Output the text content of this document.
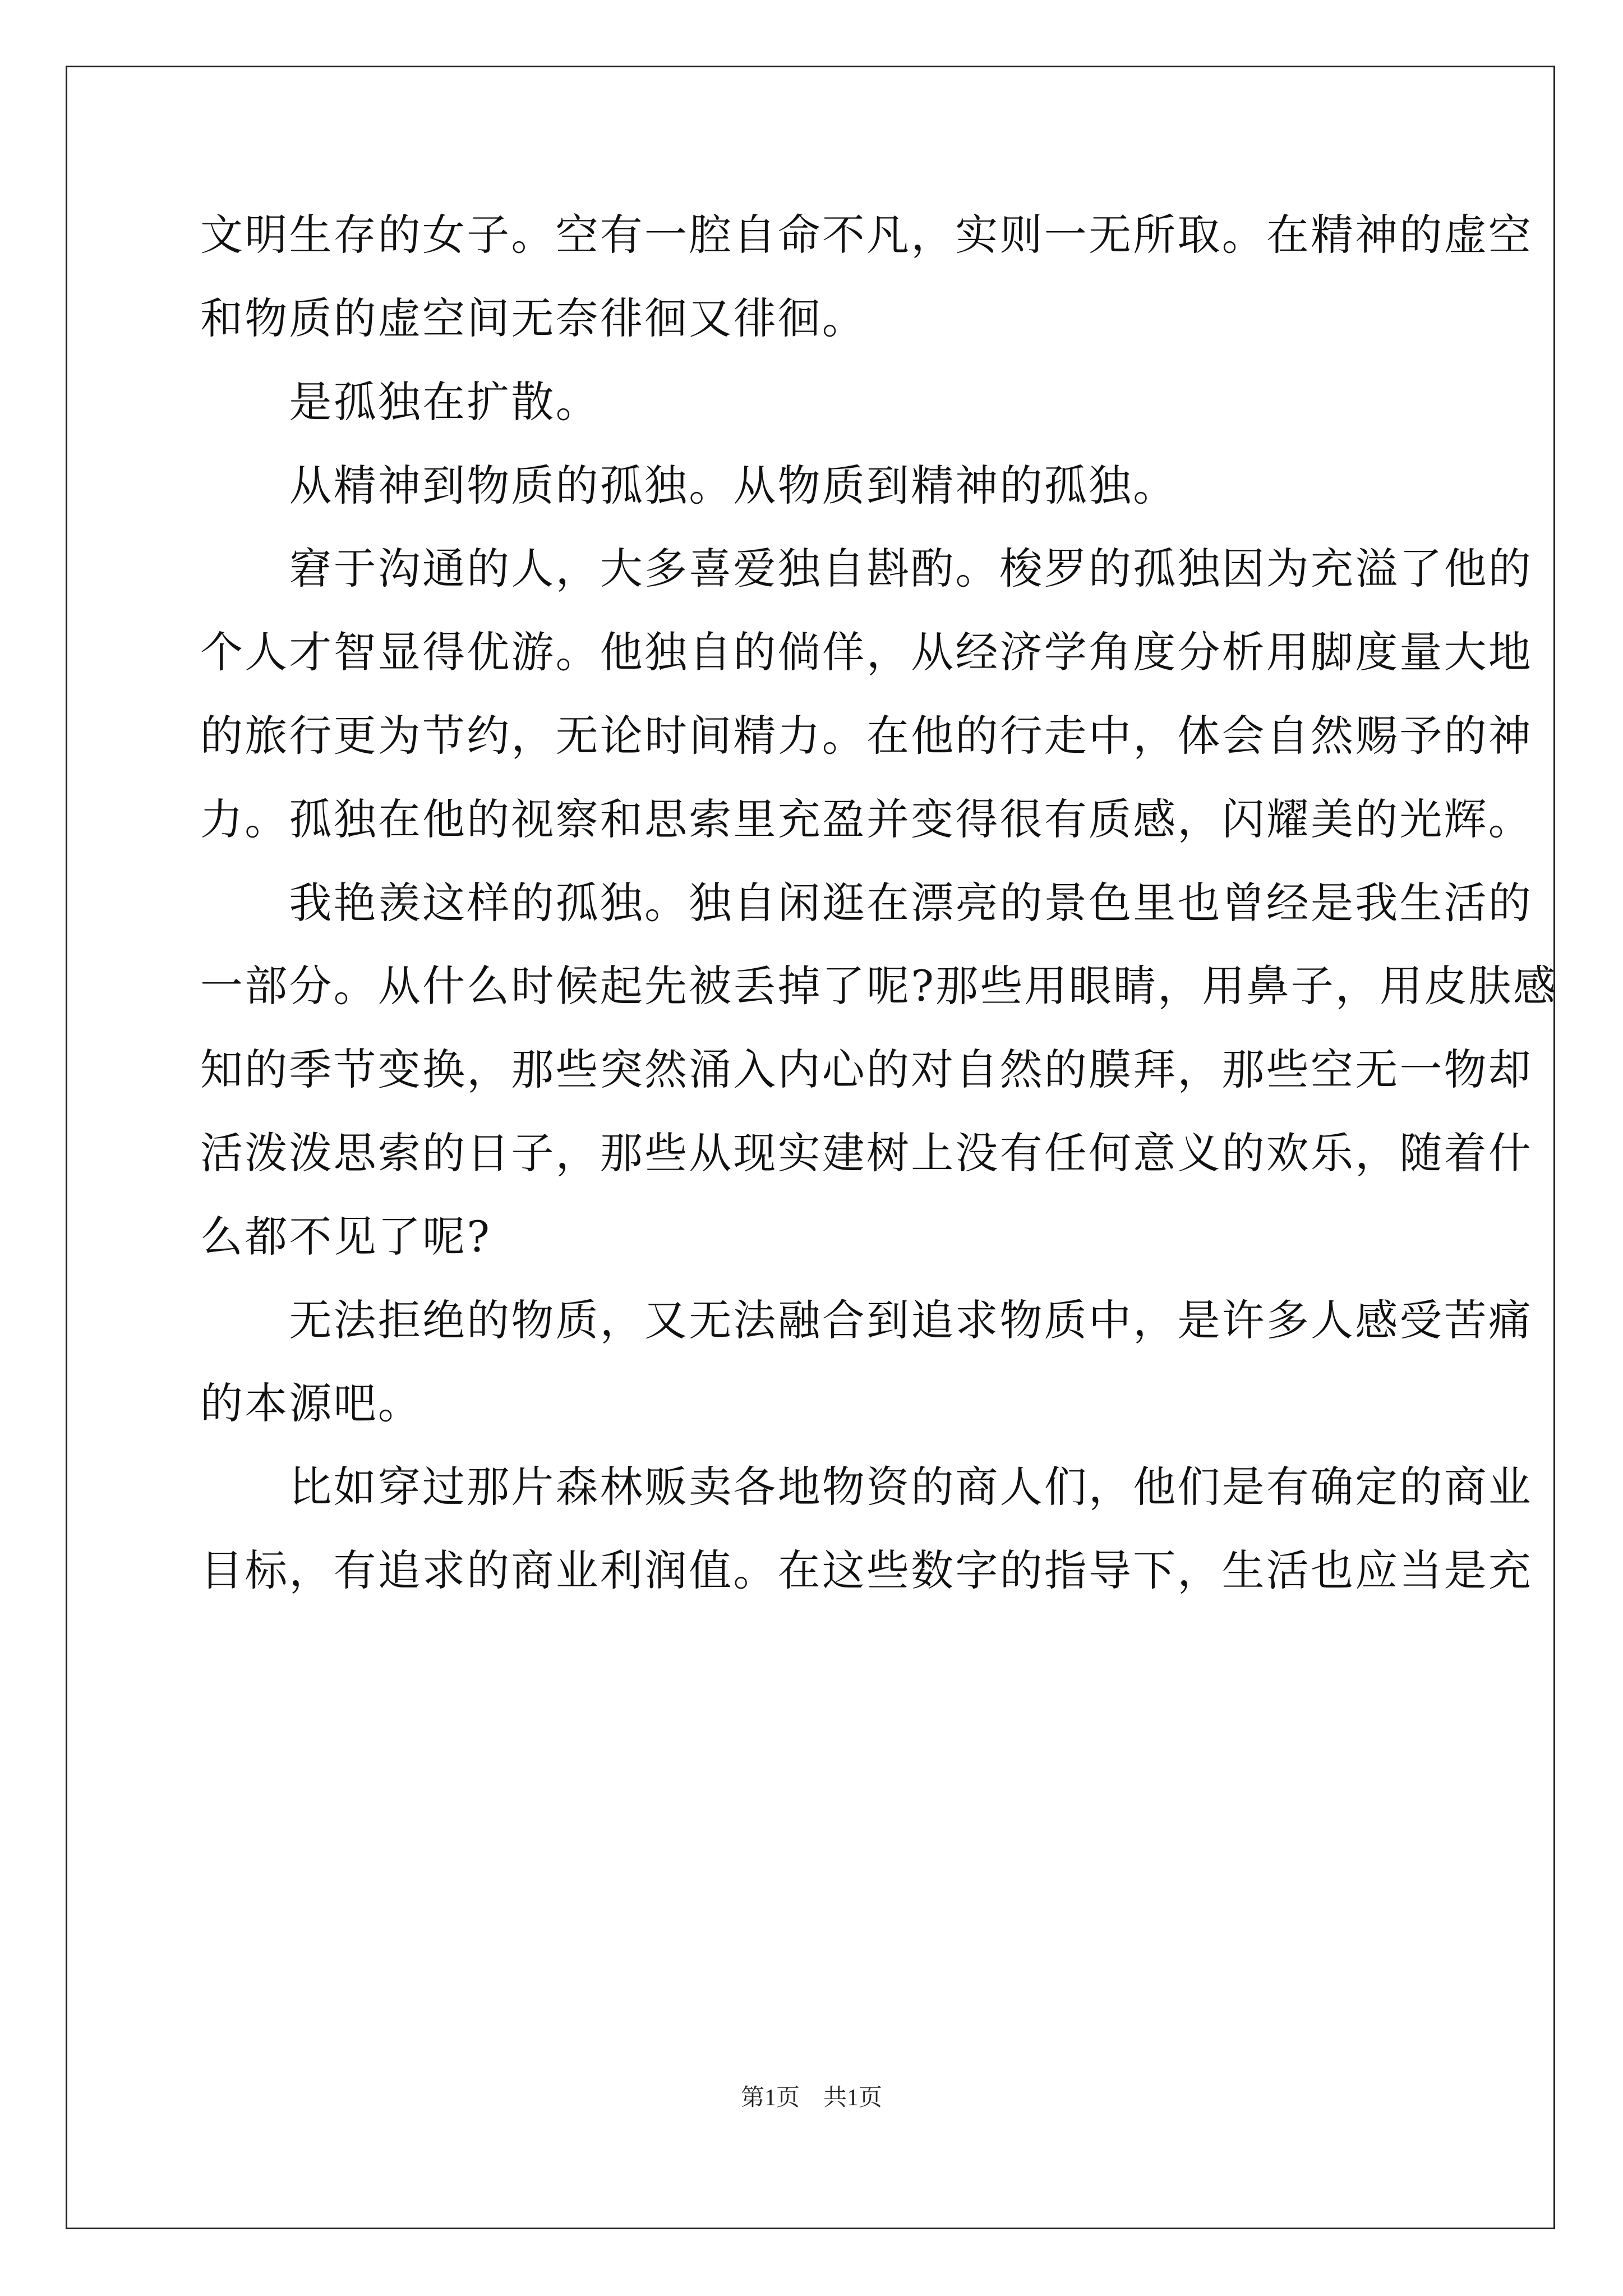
文明生存的女子。空有一腔自命不凡，实则一无所取。在精神的虚空
和物质的虚空间无奈徘徊又徘徊。
　　是孤独在扩散。
　　从精神到物质的孤独。从物质到精神的孤独。
　　窘于沟通的人，大多喜爱独自斟酌。梭罗的孤独因为充溢了他的
个人才智显得优游。他独自的倘佯，从经济学角度分析用脚度量大地
的旅行更为节约，无论时间精力。在他的行走中，体会自然赐予的神
力。孤独在他的视察和思索里充盈并变得很有质感，闪耀美的光辉。
　　我艳羡这样的孤独。独自闲逛在漂亮的景色里也曾经是我生活的
一部分。从什么时候起先被丢掉了呢?那些用眼睛，用鼻子，用皮肤感
知的季节变换，那些突然涌入内心的对自然的膜拜，那些空无一物却
活泼泼思索的日子，那些从现实建树上没有任何意义的欢乐，随着什
么都不见了呢?
　　无法拒绝的物质，又无法融合到追求物质中，是许多人感受苦痛
的本源吧。
　　比如穿过那片森林贩卖各地物资的商人们，他们是有确定的商业
目标，有追求的商业利润值。在这些数字的指导下，生活也应当是充
第1页　共1页
